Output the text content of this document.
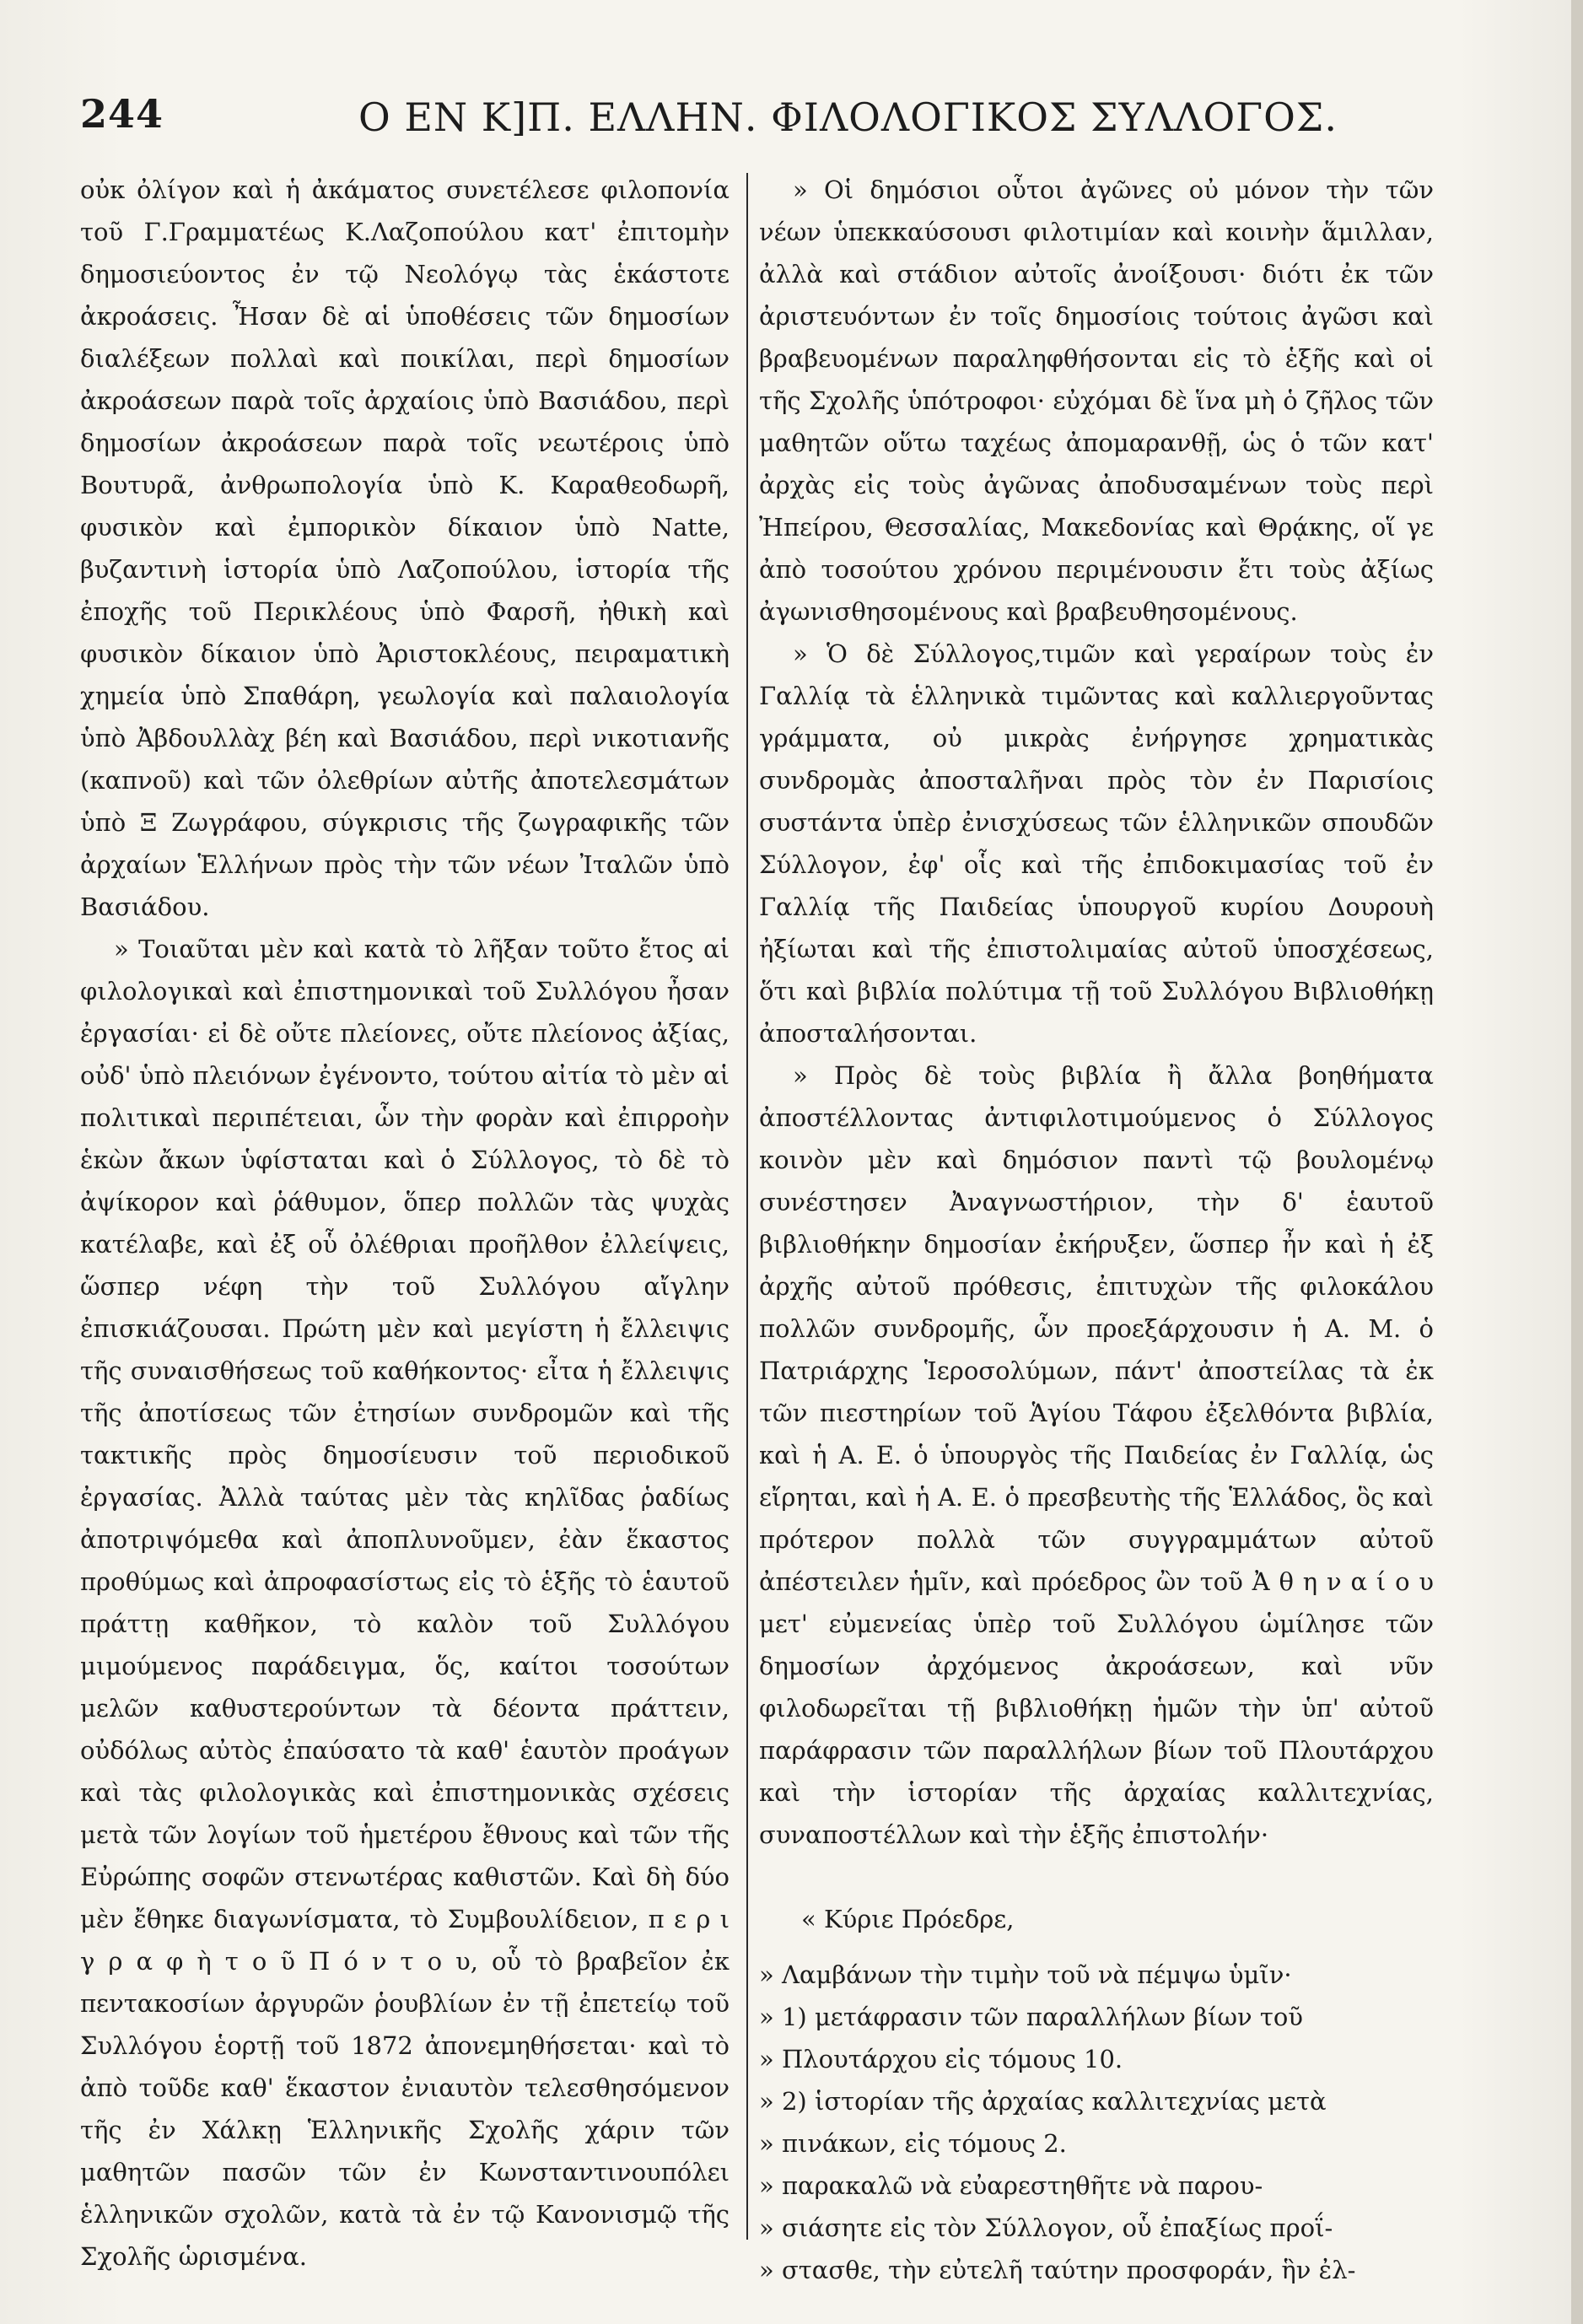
244	Ο ΕΝ Κ]Π. ΕΛΛΗΝ. ΦΙΛΟΛΟΓΙΚΟΣ ΣΥΛΛΟΓΟΣ.

οὐκ ὀλίγον καὶ ἡ ἀκάματος συνετέλεσε φιλοπονία τοῦ Γ.Γραμματέως Κ.Λαζοπούλου κατ' ἐπιτομὴν δημοσιεύοντος ἐν τῷ Νεολόγῳ τὰς ἑκάστοτε ἀκροάσεις. Ἦσαν δὲ αἱ ὑποθέσεις τῶν δημοσίων διαλέξεων πολλαὶ καὶ ποικίλαι, περὶ δημοσίων ἀκροάσεων παρὰ τοῖς ἀρχαίοις ὑπὸ Βασιάδου, περὶ δημοσίων ἀκροάσεων παρὰ τοῖς νεωτέροις ὑπὸ Βουτυρᾶ, ἀνθρωπολογία ὑπὸ Κ. Καραθεοδωρῆ, φυσικὸν καὶ ἐμπορικὸν δίκαιον ὑπὸ Natte, βυζαντινὴ ἱστορία ὑπὸ Λαζοπούλου, ἱστορία τῆς ἐποχῆς τοῦ Περικλέους ὑπὸ Φαρσῆ, ἠθικὴ καὶ φυσικὸν δίκαιον ὑπὸ Ἀριστοκλέους, πειραματικὴ χημεία ὑπὸ Σπαθάρη, γεωλογία καὶ παλαιολογία ὑπὸ Ἀβδουλλὰχ βέη καὶ Βασιάδου, περὶ νικοτιανῆς (καπνοῦ) καὶ τῶν ὀλεθρίων αὐτῆς ἀποτελεσμάτων ὑπὸ Ξ Ζωγράφου, σύγκρισις τῆς ζωγραφικῆς τῶν ἀρχαίων Ἑλλήνων πρὸς τὴν τῶν νέων Ἰταλῶν ὑπὸ Βασιάδου.

» Τοιαῦται μὲν καὶ κατὰ τὸ λῆξαν τοῦτο ἔτος αἱ φιλολογικαὶ καὶ ἐπιστημονικαὶ τοῦ Συλλόγου ἦσαν ἐργασίαι· εἰ δὲ οὔτε πλείονες, οὔτε πλείονος ἀξίας, οὐδ' ὑπὸ πλειόνων ἐγένοντο, τούτου αἰτία τὸ μὲν αἱ πολιτικαὶ περιπέτειαι, ὧν τὴν φορὰν καὶ ἐπιρροὴν ἑκὼν ἄκων ὑφίσταται καὶ ὁ Σύλλογος, τὸ δὲ τὸ ἀψίκορον καὶ ῥάθυμον, ὅπερ πολλῶν τὰς ψυχὰς κατέλαβε, καὶ ἐξ οὗ ὀλέθριαι προῆλθον ἐλλείψεις, ὥσπερ νέφη τὴν τοῦ Συλλόγου αἴγλην ἐπισκιάζουσαι. Πρώτη μὲν καὶ μεγίστη ἡ ἔλλειψις τῆς συναισθήσεως τοῦ καθήκοντος· εἶτα ἡ ἔλλειψις τῆς ἀποτίσεως τῶν ἐτησίων συνδρομῶν καὶ τῆς τακτικῆς πρὸς δημοσίευσιν τοῦ περιοδικοῦ ἐργασίας. Ἀλλὰ ταύτας μὲν τὰς κηλῖδας ῥαδίως ἀποτριψόμεθα καὶ ἀποπλυνοῦμεν, ἐὰν ἕκαστος προθύμως καὶ ἀπροφασίστως εἰς τὸ ἑξῆς τὸ ἑαυτοῦ πράττῃ καθῆκον, τὸ καλὸν τοῦ Συλλόγου μιμούμενος παράδειγμα, ὅς, καίτοι τοσούτων μελῶν καθυστερούντων τὰ δέοντα πράττειν, οὐδόλως αὐτὸς ἐπαύσατο τὰ καθ' ἑαυτὸν προάγων καὶ τὰς φιλολογικὰς καὶ ἐπιστημονικὰς σχέσεις μετὰ τῶν λογίων τοῦ ἡμετέρου ἔθνους καὶ τῶν τῆς Εὐρώπης σοφῶν στενωτέρας καθιστῶν. Καὶ δὴ δύο μὲν ἔθηκε διαγωνίσματα, τὸ Συμβουλίδειον, π ε ρ ι γ ρ α φ ὴ τ ο ῦ Π ό ν τ ο υ, οὗ τὸ βραβεῖον ἐκ πεντακοσίων ἀργυρῶν ῥουβλίων ἐν τῇ ἐπετείῳ τοῦ Συλλόγου ἑορτῇ τοῦ 1872 ἀπονεμηθήσεται· καὶ τὸ ἀπὸ τοῦδε καθ' ἕκαστον ἐνιαυτὸν τελεσθησόμενον τῆς ἐν Χάλκῃ Ἑλληνικῆς Σχολῆς χάριν τῶν μαθητῶν πασῶν τῶν ἐν Κωνσταντινουπόλει ἑλληνικῶν σχολῶν, κατὰ τὰ ἐν τῷ Κανονισμῷ τῆς Σχολῆς ὡρισμένα.

» Οἱ δημόσιοι οὗτοι ἀγῶνες οὐ μόνον τὴν τῶν νέων ὑπεκκαύσουσι φιλοτιμίαν καὶ κοινὴν ἅμιλλαν, ἀλλὰ καὶ στάδιον αὐτοῖς ἀνοίξουσι· διότι ἐκ τῶν ἀριστευόντων ἐν τοῖς δημοσίοις τούτοις ἀγῶσι καὶ βραβευομένων παραληφθήσονται εἰς τὸ ἑξῆς καὶ οἱ τῆς Σχολῆς ὑπότροφοι· εὐχόμαι δὲ ἵνα μὴ ὁ ζῆλος τῶν μαθητῶν οὕτω ταχέως ἀπομαρανθῇ, ὡς ὁ τῶν κατ' ἀρχὰς εἰς τοὺς ἀγῶνας ἀποδυσαμένων τοὺς περὶ Ἠπείρου, Θεσσαλίας, Μακεδονίας καὶ Θρᾴκης, οἵ γε ἀπὸ τοσούτου χρόνου περιμένουσιν ἔτι τοὺς ἀξίως ἀγωνισθησομένους καὶ βραβευθησομένους.

» Ὁ δὲ Σύλλογος,τιμῶν καὶ γεραίρων τοὺς ἐν Γαλλίᾳ τὰ ἑλληνικὰ τιμῶντας καὶ καλλιεργοῦντας γράμματα, οὐ μικρὰς ἐνήργησε χρηματικὰς συνδρομὰς ἀποσταλῆναι πρὸς τὸν ἐν Παρισίοις συστάντα ὑπὲρ ἐνισχύσεως τῶν ἑλληνικῶν σπουδῶν Σύλλογον, ἐφ' οἷς καὶ τῆς ἐπιδοκιμασίας τοῦ ἐν Γαλλίᾳ τῆς Παιδείας ὑπουργοῦ κυρίου Δουρουὴ ἠξίωται καὶ τῆς ἐπιστολιμαίας αὐτοῦ ὑποσχέσεως, ὅτι καὶ βιβλία πολύτιμα τῇ τοῦ Συλλόγου Βιβλιοθήκῃ ἀποσταλήσονται.

» Πρὸς δὲ τοὺς βιβλία ἢ ἄλλα βοηθήματα ἀποστέλλοντας ἀντιφιλοτιμούμενος ὁ Σύλλογος κοινὸν μὲν καὶ δημόσιον παντὶ τῷ βουλομένῳ συνέστησεν Ἀναγνωστήριον, τὴν δ' ἑαυτοῦ βιβλιοθήκην δημοσίαν ἐκήρυξεν, ὥσπερ ἦν καὶ ἡ ἐξ ἀρχῆς αὐτοῦ πρόθεσις, ἐπιτυχὼν τῆς φιλοκάλου πολλῶν συνδρομῆς, ὧν προεξάρχουσιν ἡ Α. Μ. ὁ Πατριάρχης Ἱεροσολύμων, πάντ' ἀποστείλας τὰ ἐκ τῶν πιεστηρίων τοῦ Ἁγίου Τάφου ἐξελθόντα βιβλία, καὶ ἡ Α. Ε. ὁ ὑπουργὸς τῆς Παιδείας ἐν Γαλλίᾳ, ὡς εἴρηται, καὶ ἡ Α. Ε. ὁ πρεσβευτὴς τῆς Ἑλλάδος, ὃς καὶ πρότερον πολλὰ τῶν συγγραμμάτων αὐτοῦ ἀπέστειλεν ἡμῖν, καὶ πρόεδρος ὢν τοῦ Ἀ θ η ν α ί ο υ μετ' εὐμενείας ὑπὲρ τοῦ Συλλόγου ὡμίλησε τῶν δημοσίων ἀρχόμενος ἀκροάσεων, καὶ νῦν φιλοδωρεῖται τῇ βιβλιοθήκῃ ἡμῶν τὴν ὑπ' αὐτοῦ παράφρασιν τῶν παραλλήλων βίων τοῦ Πλουτάρχου καὶ τὴν ἱστορίαν τῆς ἀρχαίας καλλιτεχνίας, συναποστέλλων καὶ τὴν ἑξῆς ἐπιστολήν·

« Κύριε Πρόεδρε,

» Λαμβάνων τὴν τιμὴν τοῦ νὰ πέμψω ὑμῖν·

» 1) μετάφρασιν τῶν παραλλήλων βίων τοῦ

» Πλουτάρχου εἰς τόμους 10.

» 2) ἱστορίαν τῆς ἀρχαίας καλλιτεχνίας μετὰ

» πινάκων, εἰς τόμους 2.

» παρακαλῶ νὰ εὐαρεστηθῆτε νὰ παρου-

» σιάσητε εἰς τὸν Σύλλογον, οὗ ἐπαξίως προΐ-

» στασθε, τὴν εὐτελῆ ταύτην προσφοράν, ἣν ἐλ-
